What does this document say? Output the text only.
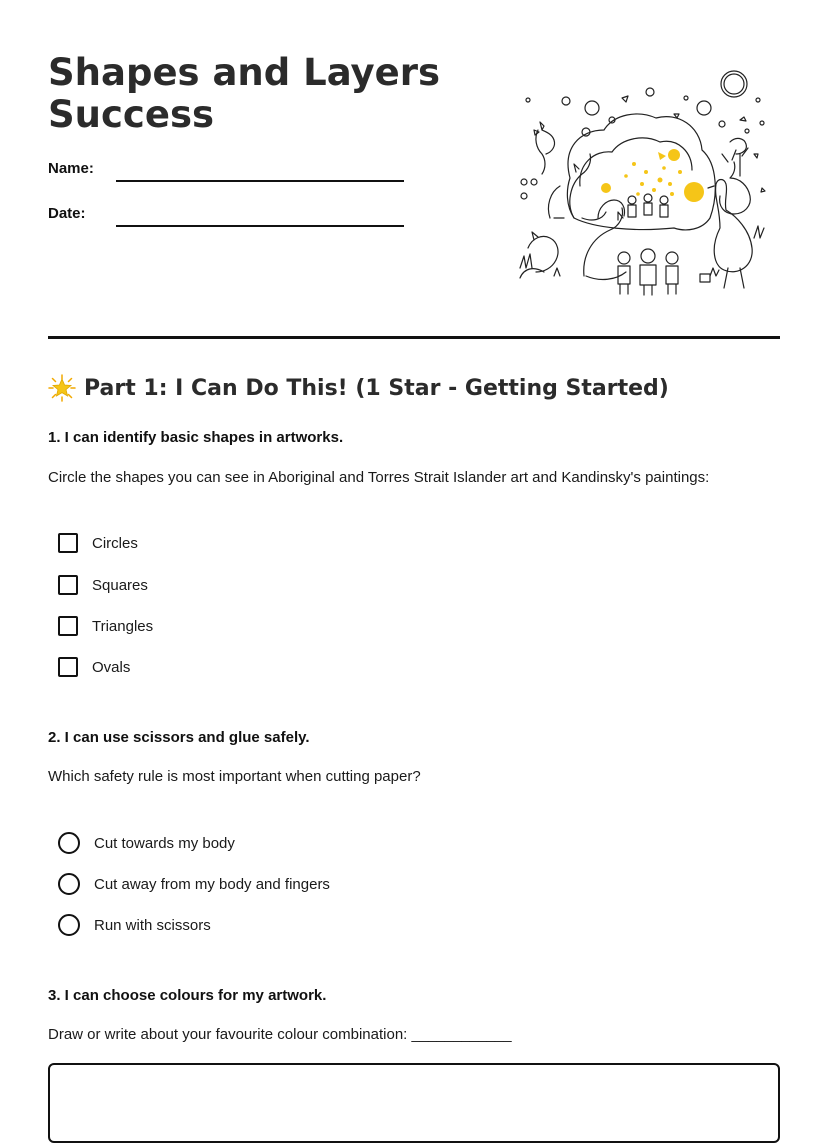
Shapes and Layers Success
Name:
Date:
Part 1: I Can Do This! (1 Star - Getting Started)

1. I can identify basic shapes in artworks.

Circle the shapes you can see in Aboriginal and Torres Strait Islander art and Kandinsky's paintings:

Circles
Squares
Triangles
Ovals

2. I can use scissors and glue safely.

Which safety rule is most important when cutting paper?

Cut towards my body
Cut away from my body and fingers
Run with scissors

3. I can choose colours for my artwork.

Draw or write about your favourite colour combination: ____________
